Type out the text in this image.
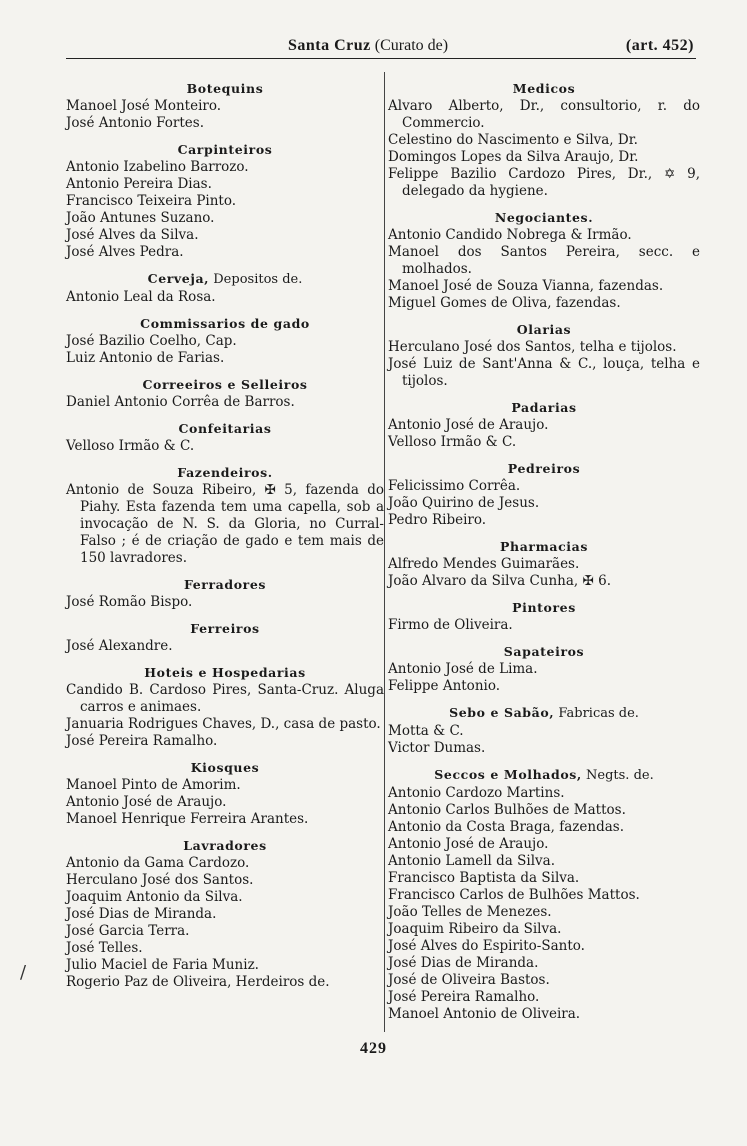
Santa Cruz (Curato de)	(art. 452)
Botequins
Manoel José Monteiro.
José Antonio Fortes.
Carpinteiros
Antonio Izabelino Barrozo.
Antonio Pereira Dias.
Francisco Teixeira Pinto.
João Antunes Suzano.
José Alves da Silva.
José Alves Pedra.
Cerveja, Depositos de.
Antonio Leal da Rosa.
Commissarios de gado
José Bazilio Coelho, Cap.
Luiz Antonio de Farias.
Correeiros e Selleiros
Daniel Antonio Corrêa de Barros.
Confeitarias
Velloso Irmão & C.
Fazendeiros.
Antonio de Souza Ribeiro, ✠ 5, fazenda do Piahy. Esta fazenda tem uma capella, sob a invocação de N. S. da Gloria, no Curral-Falso ; é de criação de gado e tem mais de 150 lavradores.
Ferradores
José Romão Bispo.
Ferreiros
José Alexandre.
Hoteis e Hospedarias
Candido B. Cardoso Pires, Santa-Cruz. Aluga carros e animaes.
Januaria Rodrigues Chaves, D., casa de pasto.
José Pereira Ramalho.
Kiosques
Manoel Pinto de Amorim.
Antonio José de Araujo.
Manoel Henrique Ferreira Arantes.
Lavradores
Antonio da Gama Cardozo.
Herculano José dos Santos.
Joaquim Antonio da Silva.
José Dias de Miranda.
José Garcia Terra.
José Telles.
Julio Maciel de Faria Muniz.
Rogerio Paz de Oliveira, Herdeiros de.
Medicos
Alvaro Alberto, Dr., consultorio, r. do Commercio.
Celestino do Nascimento e Silva, Dr.
Domingos Lopes da Silva Araujo, Dr.
Felippe Bazilio Cardozo Pires, Dr., ✡ 9, delegado da hygiene.
Negociantes.
Antonio Candido Nobrega & Irmão.
Manoel dos Santos Pereira, secc. e molhados.
Manoel José de Souza Vianna, fazendas.
Miguel Gomes de Oliva, fazendas.
Olarias
Herculano José dos Santos, telha e tijolos.
José Luiz de Sant'Anna & C., louça, telha e tijolos.
Padarias
Antonio José de Araujo.
Velloso Irmão & C.
Pedreiros
Felicissimo Corrêa.
João Quirino de Jesus.
Pedro Ribeiro.
Pharmacias
Alfredo Mendes Guimarães.
João Alvaro da Silva Cunha, ✠ 6.
Pintores
Firmo de Oliveira.
Sapateiros
Antonio José de Lima.
Felippe Antonio.
Sebo e Sabão, Fabricas de.
Motta & C.
Victor Dumas.
Seccos e Molhados, Negts. de.
Antonio Cardozo Martins.
Antonio Carlos Bulhões de Mattos.
Antonio da Costa Braga, fazendas.
Antonio José de Araujo.
Antonio Lamell da Silva.
Francisco Baptista da Silva.
Francisco Carlos de Bulhões Mattos.
João Telles de Menezes.
Joaquim Ribeiro da Silva.
José Alves do Espirito-Santo.
José Dias de Miranda.
José de Oliveira Bastos.
José Pereira Ramalho.
Manoel Antonio de Oliveira.
429
/
